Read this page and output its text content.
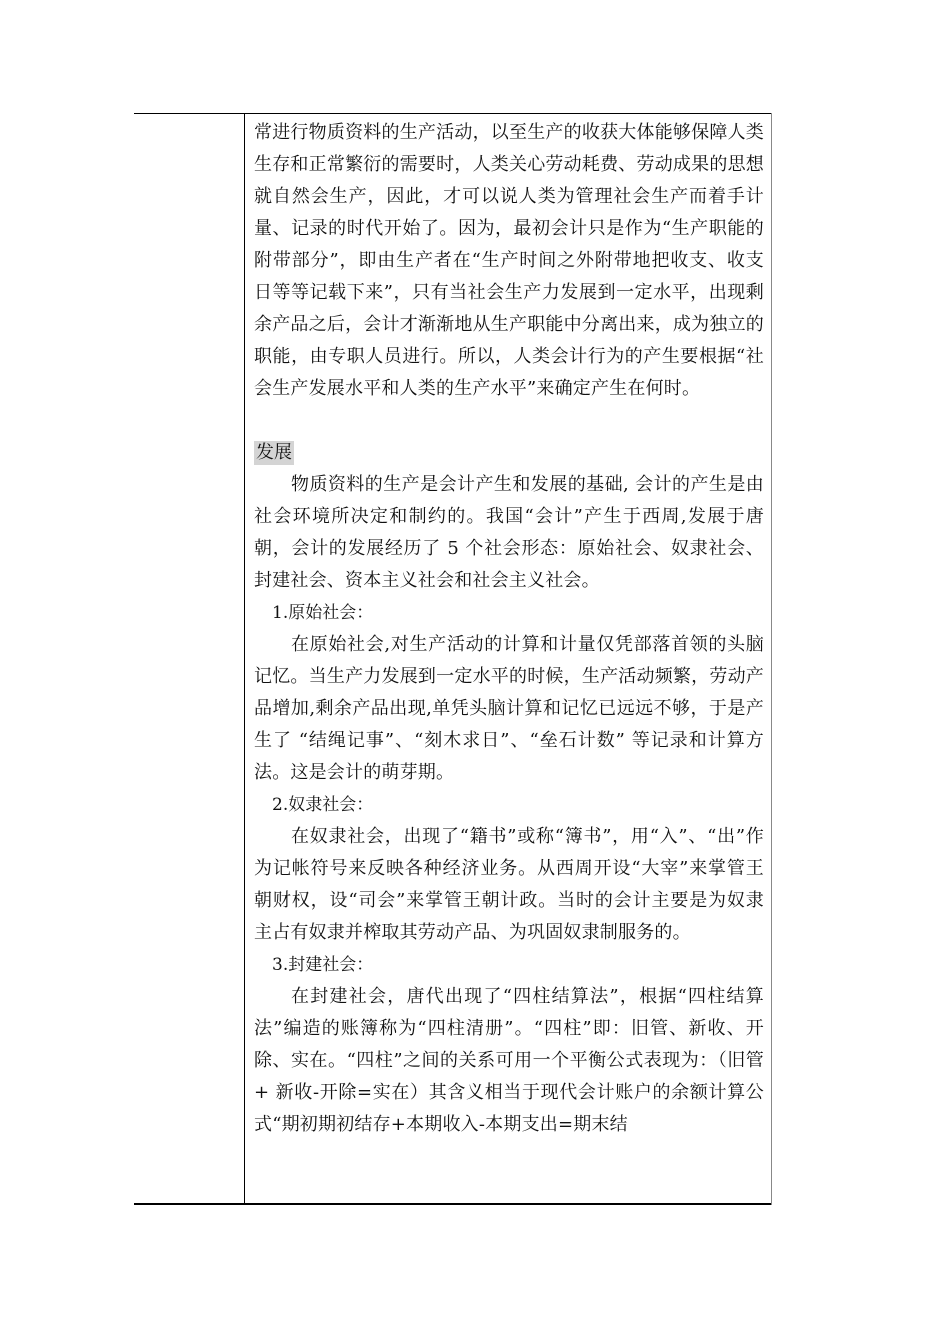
常进行物质资料的生产活动，以至生产的收获大体能够保障人类生存和正常繁衍的需要时，人类关心劳动耗费、劳动成果的思想就自然会生产，因此，才可以说人类为管理社会生产而着手计量、记录的时代开始了。因为，最初会计只是作为“生产职能的附带部分”，即由生产者在“生产时间之外附带地把收支、收支日等等记载下来”，只有当社会生产力发展到一定水平，出现剩余产品之后，会计才渐渐地从生产职能中分离出来，成为独立的职能，由专职人员进行。所以，人类会计行为的产生要根据“社会生产发展水平和人类的生产水平”来确定产生在何时。

发展

物质资料的生产是会计产生和发展的基础, 会计的产生是由社会环境所决定和制约的。我国“会计”产生于西周,发展于唐朝，会计的发展经历了 5 个社会形态：原始社会、奴隶社会、封建社会、资本主义社会和社会主义社会。

1.原始社会：

在原始社会,对生产活动的计算和计量仅凭部落首领的头脑记忆。当生产力发展到一定水平的时候，生产活动频繁，劳动产品增加,剩余产品出现,单凭头脑计算和记忆已远远不够，于是产生了 “结绳记事”、“刻木求日”、“垒石计数” 等记录和计算方法。这是会计的萌芽期。

2.奴隶社会：

在奴隶社会，出现了“籍书”或称“簿书”，用“入”、“出”作为记帐符号来反映各种经济业务。从西周开设“大宰”来掌管王朝财权，设“司会”来掌管王朝计政。当时的会计主要是为奴隶主占有奴隶并榨取其劳动产品、为巩固奴隶制服务的。

3.封建社会：

在封建社会，唐代出现了“四柱结算法”，根据“四柱结算法”编造的账簿称为“四柱清册”。“四柱”即：旧管、新收、开除、实在。“四柱”之间的关系可用一个平衡公式表现为：（旧管 + 新收-开除=实在）其含义相当于现代会计账户的余额计算公式“期初期初结存+本期收入-本期支出=期末结
